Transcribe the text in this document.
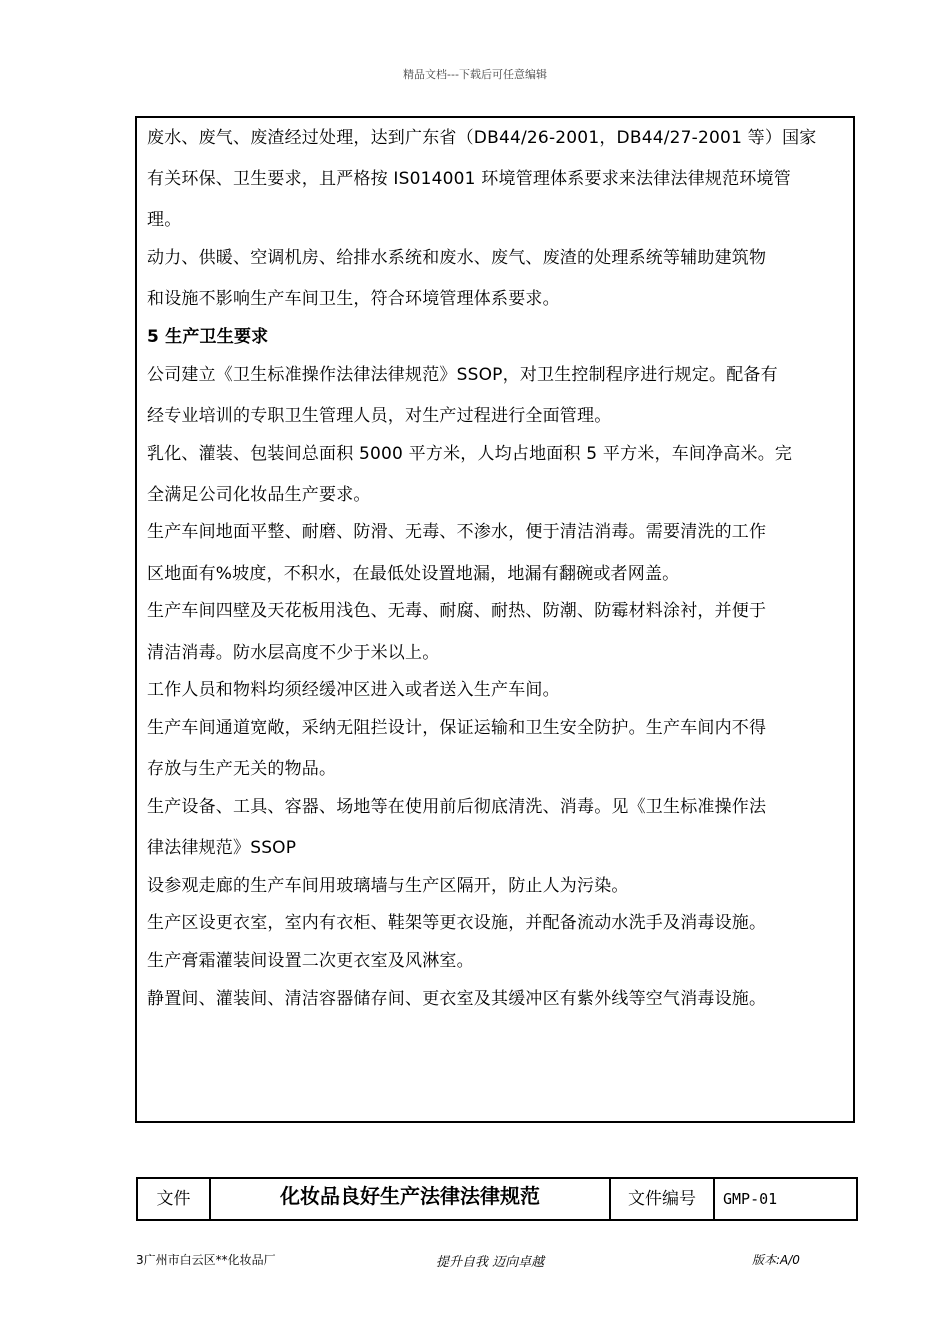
精品文档---下载后可任意编辑
废水、废气、废渣经过处理，达到广东省（DB44/26-2001，DB44/27-2001 等）国家
有关环保、卫生要求，且严格按 IS014001 环境管理体系要求来法律法律规范环境管
理。
动力、供暖、空调机房、给排水系统和废水、废气、废渣的处理系统等辅助建筑物
和设施不影响生产车间卫生，符合环境管理体系要求。
5 生产卫生要求
公司建立《卫生标准操作法律法律规范》SSOP，对卫生控制程序进行规定。配备有
经专业培训的专职卫生管理人员，对生产过程进行全面管理。
乳化、灌装、包装间总面积 5000 平方米，人均占地面积 5 平方米，车间净高米。完
全满足公司化妆品生产要求。
生产车间地面平整、耐磨、防滑、无毒、不渗水，便于清洁消毒。需要清洗的工作
区地面有%坡度，不积水，在最低处设置地漏，地漏有翻碗或者网盖。
生产车间四壁及天花板用浅色、无毒、耐腐、耐热、防潮、防霉材料涂衬，并便于
清洁消毒。防水层高度不少于米以上。
工作人员和物料均须经缓冲区进入或者送入生产车间。
生产车间通道宽敞，采纳无阻拦设计，保证运输和卫生安全防护。生产车间内不得
存放与生产无关的物品。
生产设备、工具、容器、场地等在使用前后彻底清洗、消毒。见《卫生标准操作法
律法律规范》SSOP
设参观走廊的生产车间用玻璃墙与生产区隔开，防止人为污染。
生产区设更衣室，室内有衣柜、鞋架等更衣设施，并配备流动水洗手及消毒设施。
生产膏霜灌装间设置二次更衣室及风淋室。
静置间、灌装间、清洁容器储存间、更衣室及其缓冲区有紫外线等空气消毒设施。
文件	化妆品良好生产法律法律规范	文件编号	GMP-01
3广州市白云区**化妆品厂	提升自我 迈向卓越	版本:A/0
